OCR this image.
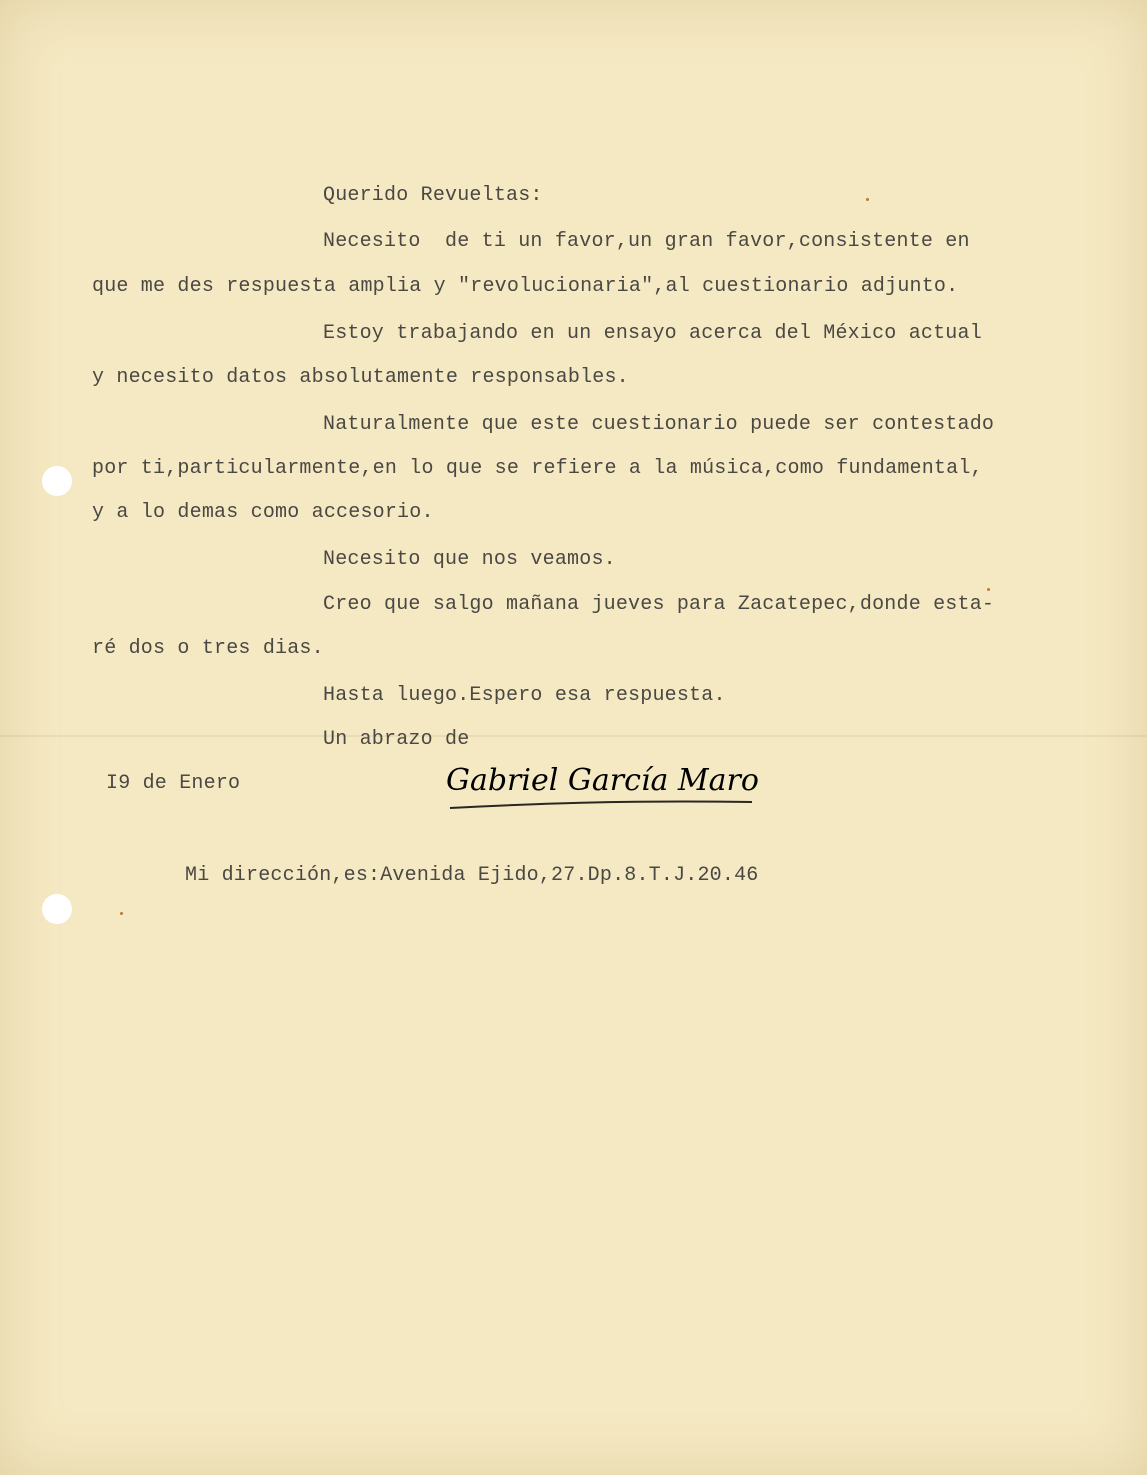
Querido Revueltas:
Necesito  de ti un favor,un gran favor,consistente en
que me des respuesta amplia y "revolucionaria",al cuestionario adjunto.
Estoy trabajando en un ensayo acerca del México actual
y necesito datos absolutamente responsables.
Naturalmente que este cuestionario puede ser contestado
por ti,particularmente,en lo que se refiere a la música,como fundamental,
y a lo demas como accesorio.
Necesito que nos veamos.
Creo que salgo mañana jueves para Zacatepec,donde esta-
ré dos o tres dias.
Hasta luego.Espero esa respuesta.
Un abrazo de
I9 de Enero	Gabriel García Maroto
Mi dirección,es:Avenida Ejido,27.Dp.8.T.J.20.46
